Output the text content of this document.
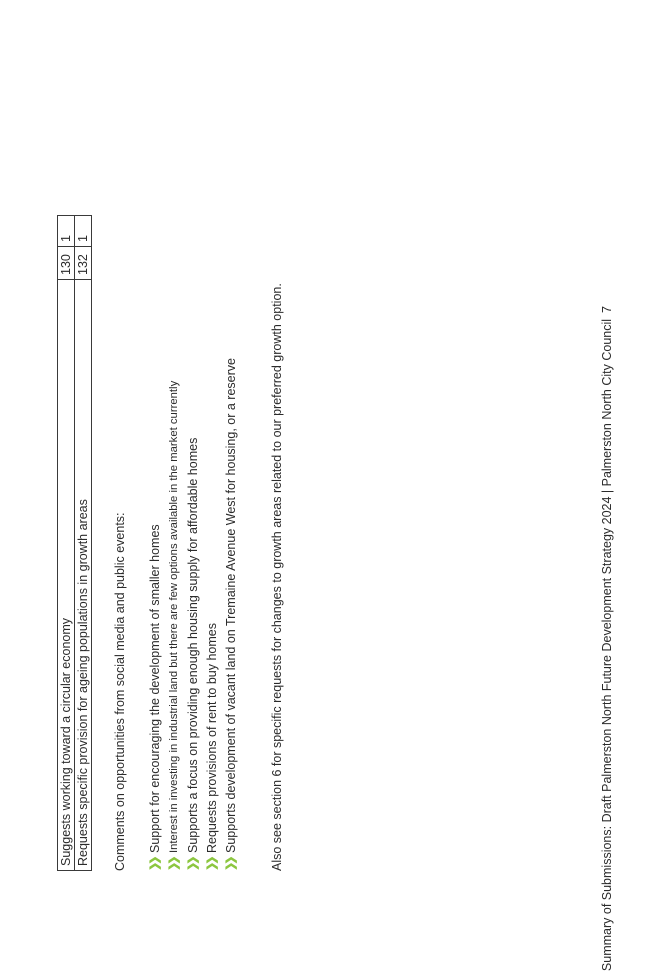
Suggests working toward a circular economy	130	1
Requests specific provision for ageing populations in growth areas	132	1
Comments on opportunities from social media and public events: ❯❯
Support for encouraging the development of smaller homes
❯❯
Interest in investing in industrial land but there are few options available in the market currently
❯❯
Supports a focus on providing enough housing supply for affordable homes
❯❯
Requests provisions of rent to buy homes
❯❯
Supports development of vacant land on Tremaine Avenue West for housing, or a reserve	Also see section 6 for specific requests for changes to growth areas related to our preferred growth option.	Summary of Submissions: Draft Palmerston North Future Development Strategy 2024 | Palmerston North City Council7
